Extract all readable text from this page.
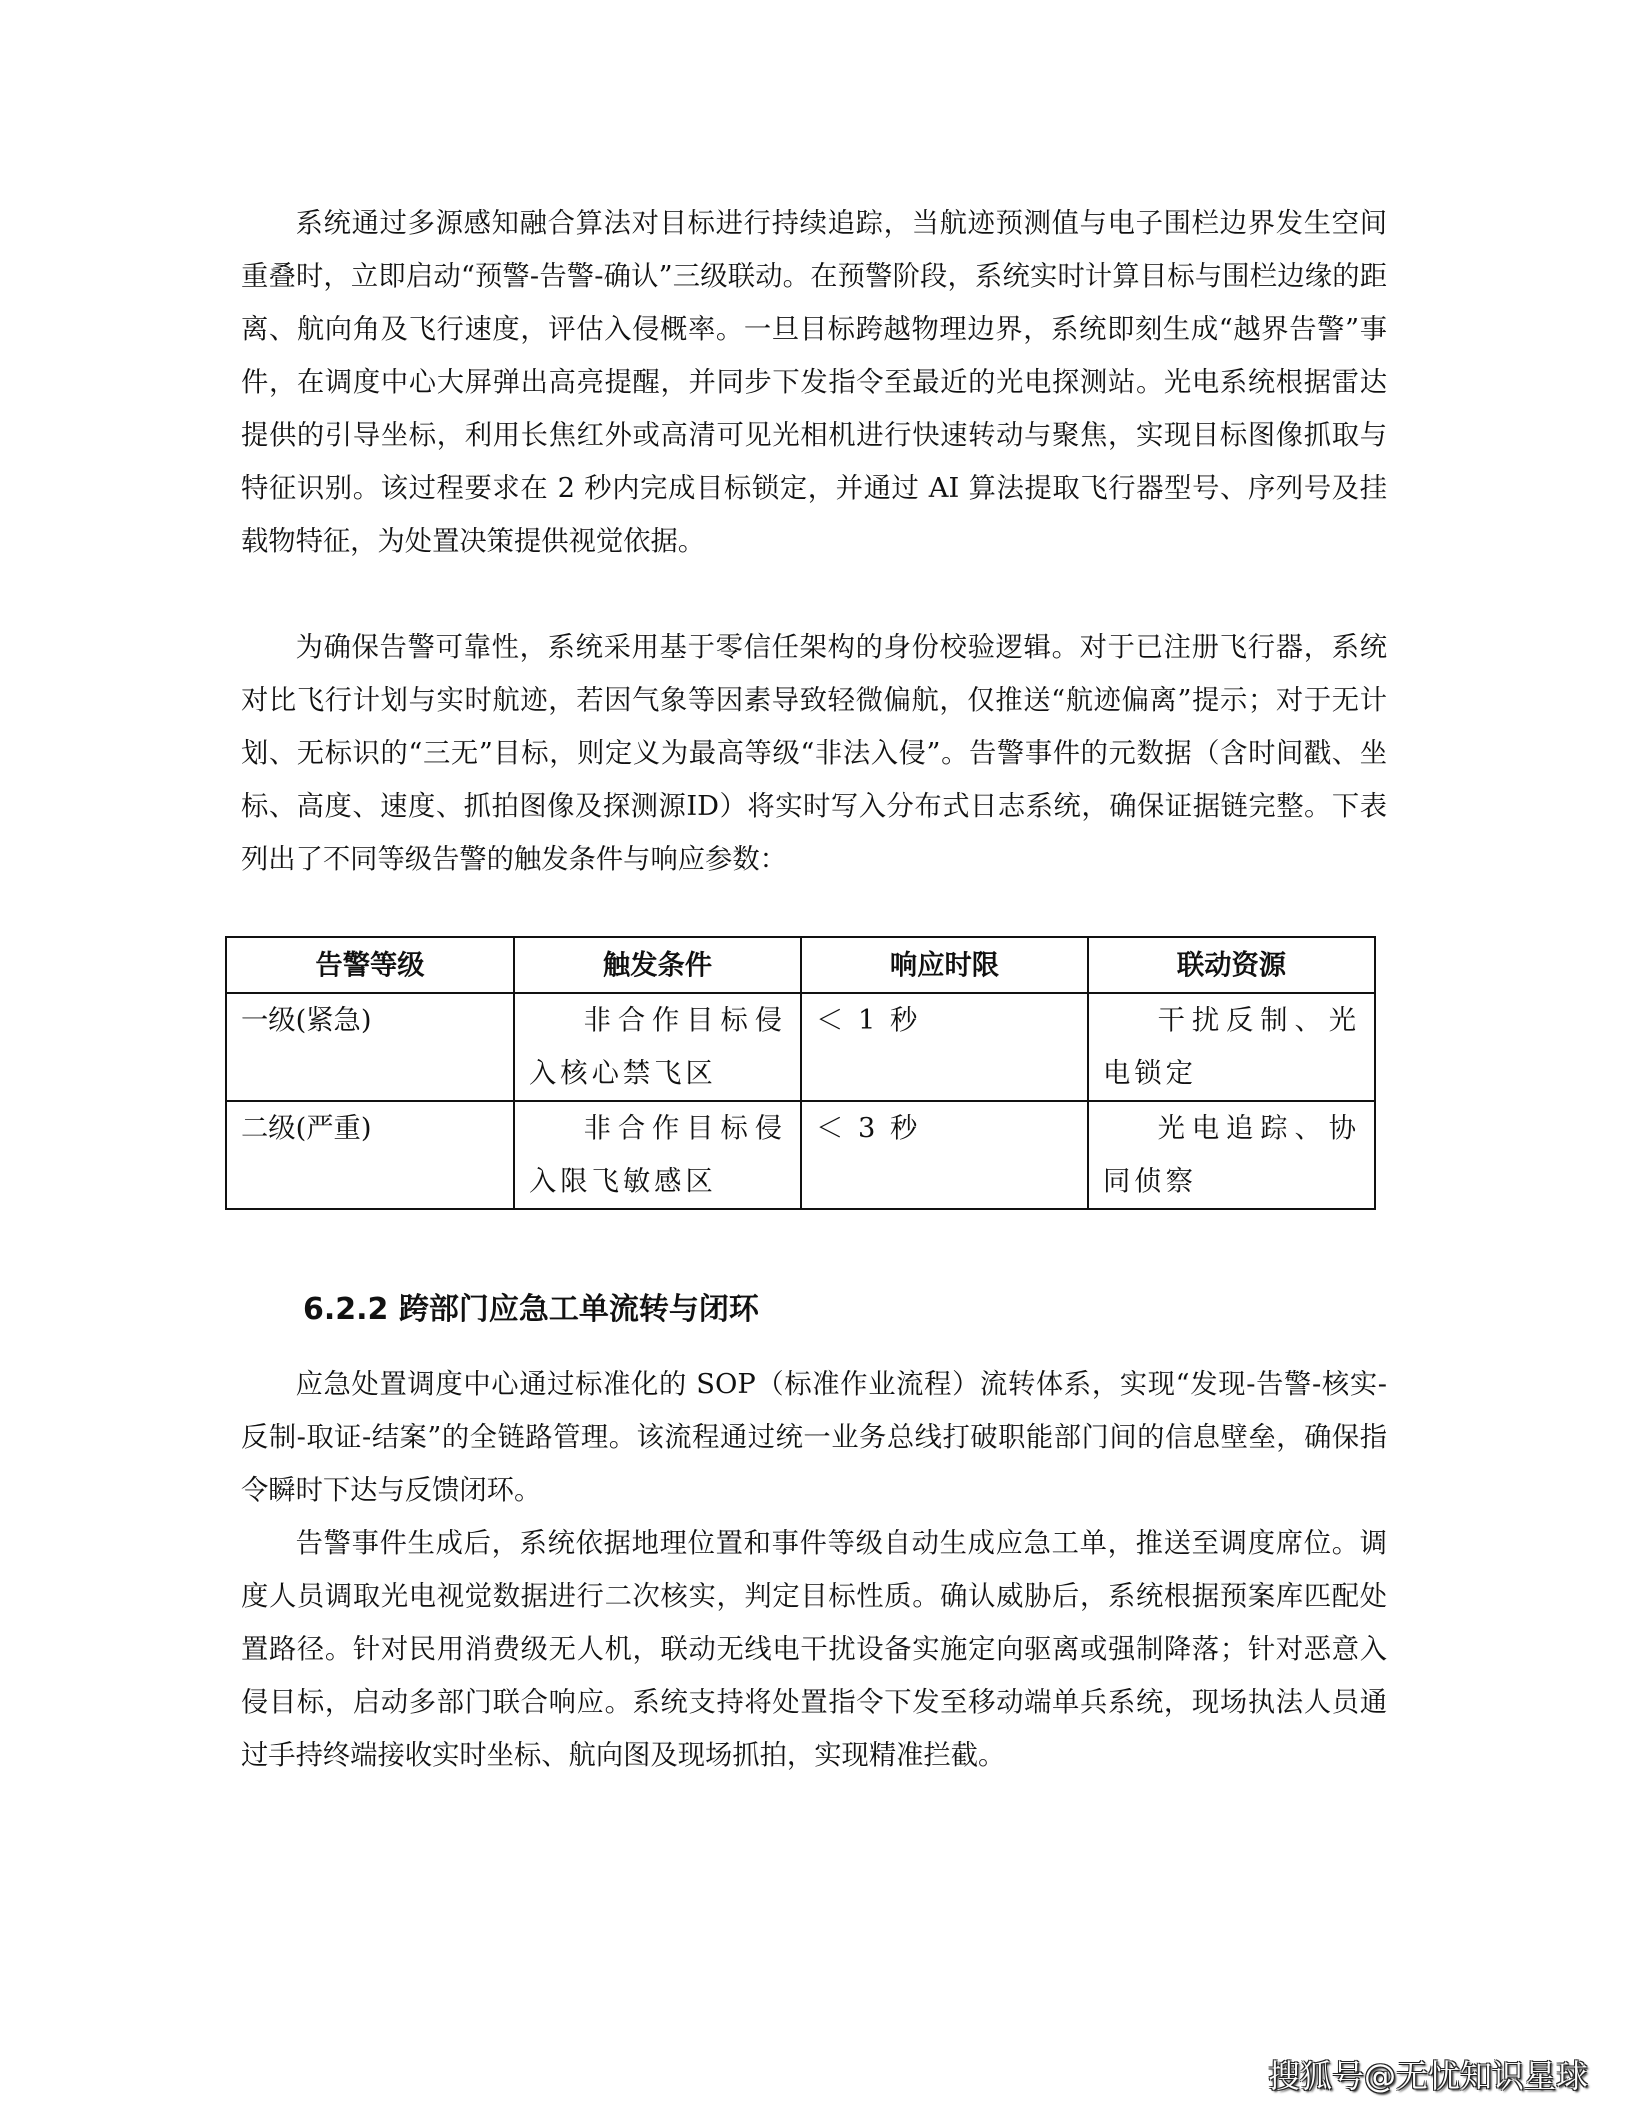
系统通过多源感知融合算法对目标进行持续追踪，当航迹预测值与电子围栏边界发生空间重叠时，立即启动“预警-告警-确认”三级联动。在预警阶段，系统实时计算目标与围栏边缘的距离、航向角及飞行速度，评估入侵概率。一旦目标跨越物理边界，系统即刻生成“越界告警”事件，在调度中心大屏弹出高亮提醒，并同步下发指令至最近的光电探测站。光电系统根据雷达提供的引导坐标，利用长焦红外或高清可见光相机进行快速转动与聚焦，实现目标图像抓取与特征识别。该过程要求在 2 秒内完成目标锁定，并通过 AI 算法提取飞行器型号、序列号及挂载物特征，为处置决策提供视觉依据。

为确保告警可靠性，系统采用基于零信任架构的身份校验逻辑。对于已注册飞行器，系统对比飞行计划与实时航迹，若因气象等因素导致轻微偏航，仅推送“航迹偏离”提示；对于无计划、无标识的“三无”目标，则定义为最高等级“非法入侵”。告警事件的元数据（含时间戳、坐标、高度、速度、抓拍图像及探测源ID）将实时写入分布式日志系统，确保证据链完整。下表列出了不同等级告警的触发条件与响应参数：

告警等级	触发条件	响应时限	联动资源
一级(紧急)	非合作目标侵入核心禁飞区	＜ 1 秒	干扰反制、光电锁定

二级(严重)	非合作目标侵入限飞敏感区	＜ 3 秒	光电追踪、协同侦察
6.2.2 跨部门应急工单流转与闭环

应急处置调度中心通过标准化的 SOP（标准作业流程）流转体系，实现“发现-告警-核实-反制-取证-结案”的全链路管理。该流程通过统一业务总线打破职能部门间的信息壁垒，确保指令瞬时下达与反馈闭环。

告警事件生成后，系统依据地理位置和事件等级自动生成应急工单，推送至调度席位。调度人员调取光电视觉数据进行二次核实，判定目标性质。确认威胁后，系统根据预案库匹配处置路径。针对民用消费级无人机，联动无线电干扰设备实施定向驱离或强制降落；针对恶意入侵目标，启动多部门联合响应。系统支持将处置指令下发至移动端单兵系统，现场执法人员通过手持终端接收实时坐标、航向图及现场抓拍，实现精准拦截。

搜狐号@无忧知识星球
